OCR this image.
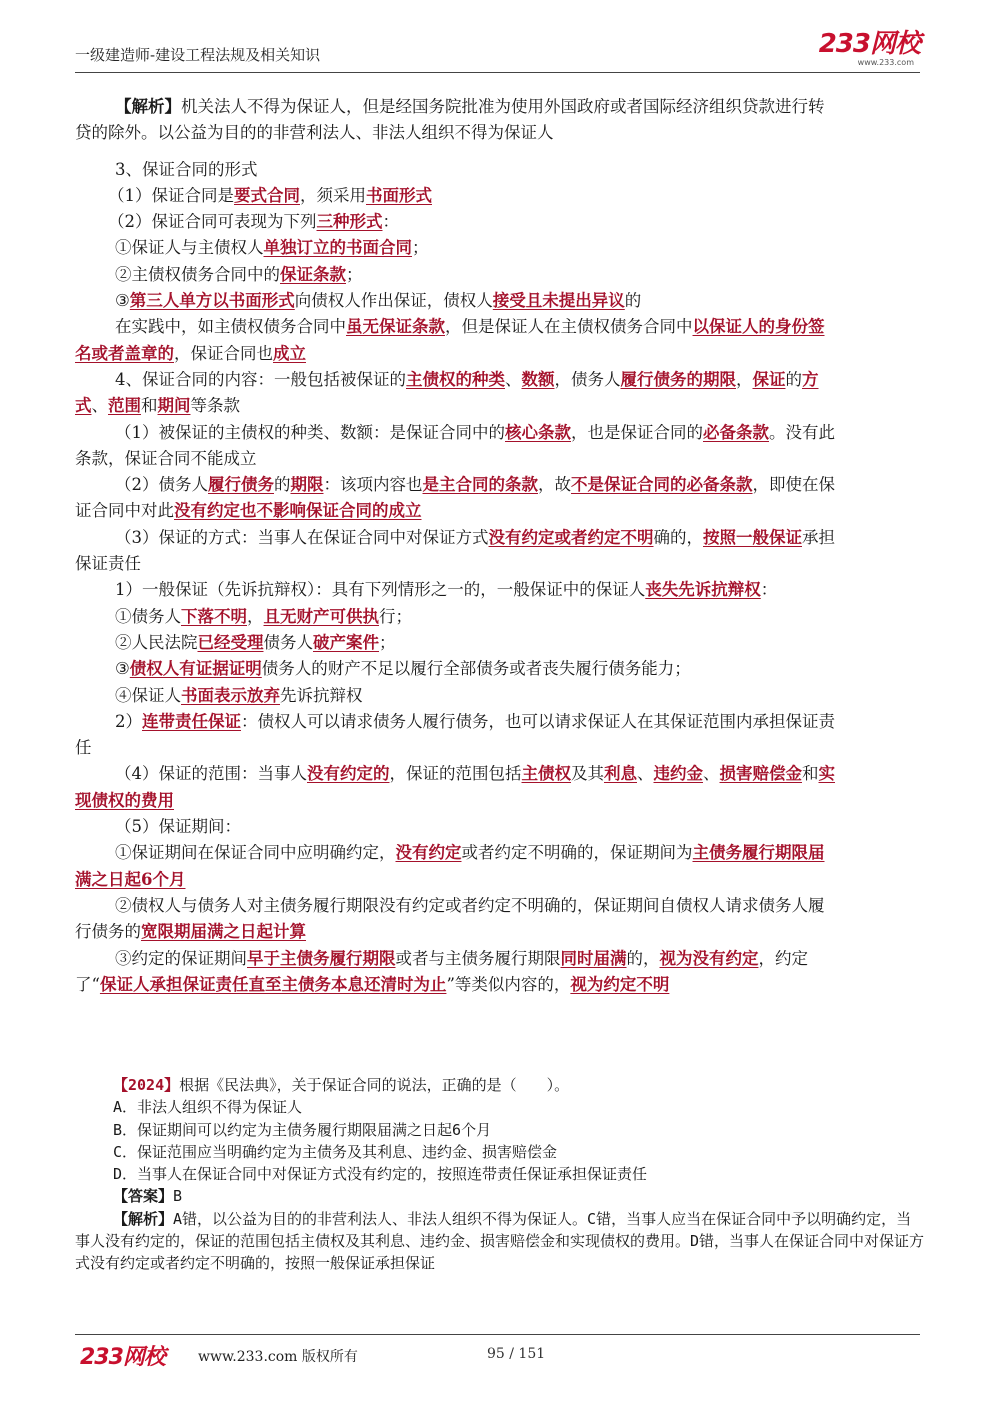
一级建造师-建设工程法规及相关知识	233网校
www.233.com

【解析】机关法人不得为保证人，但是经国务院批准为使用外国政府或者国际经济组织贷款进行转

贷的除外。以公益为目的的非营利法人、非法人组织不得为保证人

3、保证合同的形式

（1）保证合同是要式合同，须采用书面形式

（2）保证合同可表现为下列三种形式：

①保证人与主债权人单独订立的书面合同；

②主债权债务合同中的保证条款；

③第三人单方以书面形式向债权人作出保证，债权人接受且未提出异议的

在实践中，如主债权债务合同中虽无保证条款，但是保证人在主债权债务合同中以保证人的身份签

名或者盖章的，保证合同也成立

4、保证合同的内容：一般包括被保证的主债权的种类、数额，债务人履行债务的期限，保证的方

式、范围和期间等条款

（1）被保证的主债权的种类、数额：是保证合同中的核心条款，也是保证合同的必备条款。没有此

条款，保证合同不能成立

（2）债务人履行债务的期限：该项内容也是主合同的条款，故不是保证合同的必备条款，即使在保

证合同中对此没有约定也不影响保证合同的成立

（3）保证的方式：当事人在保证合同中对保证方式没有约定或者约定不明确的，按照一般保证承担

保证责任

1）一般保证（先诉抗辩权）：具有下列情形之一的，一般保证中的保证人丧失先诉抗辩权：

①债务人下落不明，且无财产可供执行；

②人民法院已经受理债务人破产案件；

③债权人有证据证明债务人的财产不足以履行全部债务或者丧失履行债务能力；

④保证人书面表示放弃先诉抗辩权

2）连带责任保证：债权人可以请求债务人履行债务，也可以请求保证人在其保证范围内承担保证责

任

（4）保证的范围：当事人没有约定的，保证的范围包括主债权及其利息、违约金、损害赔偿金和实

现债权的费用

（5）保证期间：

①保证期间在保证合同中应明确约定，没有约定或者约定不明确的，保证期间为主债务履行期限届

满之日起6个月

②债权人与债务人对主债务履行期限没有约定或者约定不明确的，保证期间自债权人请求债务人履

行债务的宽限期届满之日起计算

③约定的保证期间早于主债务履行期限或者与主债务履行期限同时届满的，视为没有约定，约定

了“保证人承担保证责任直至主债务本息还清时为止”等类似内容的，视为约定不明

【2024】根据《民法典》，关于保证合同的说法，正确的是（　　）。

A．非法人组织不得为保证人

B．保证期间可以约定为主债务履行期限届满之日起6个月

C．保证范围应当明确约定为主债务及其利息、违约金、损害赔偿金

D．当事人在保证合同中对保证方式没有约定的，按照连带责任保证承担保证责任

【答案】B

【解析】A错，以公益为目的的非营利法人、非法人组织不得为保证人。C错，当事人应当在保证合同中予以明确约定，当事人没有约定的，保证的范围包括主债权及其利息、违约金、损害赔偿金和实现债权的费用。D错，当事人在保证合同中对保证方式没有约定或者约定不明确的，按照一般保证承担保证

233网校 www.233.com 版权所有	95 / 151
